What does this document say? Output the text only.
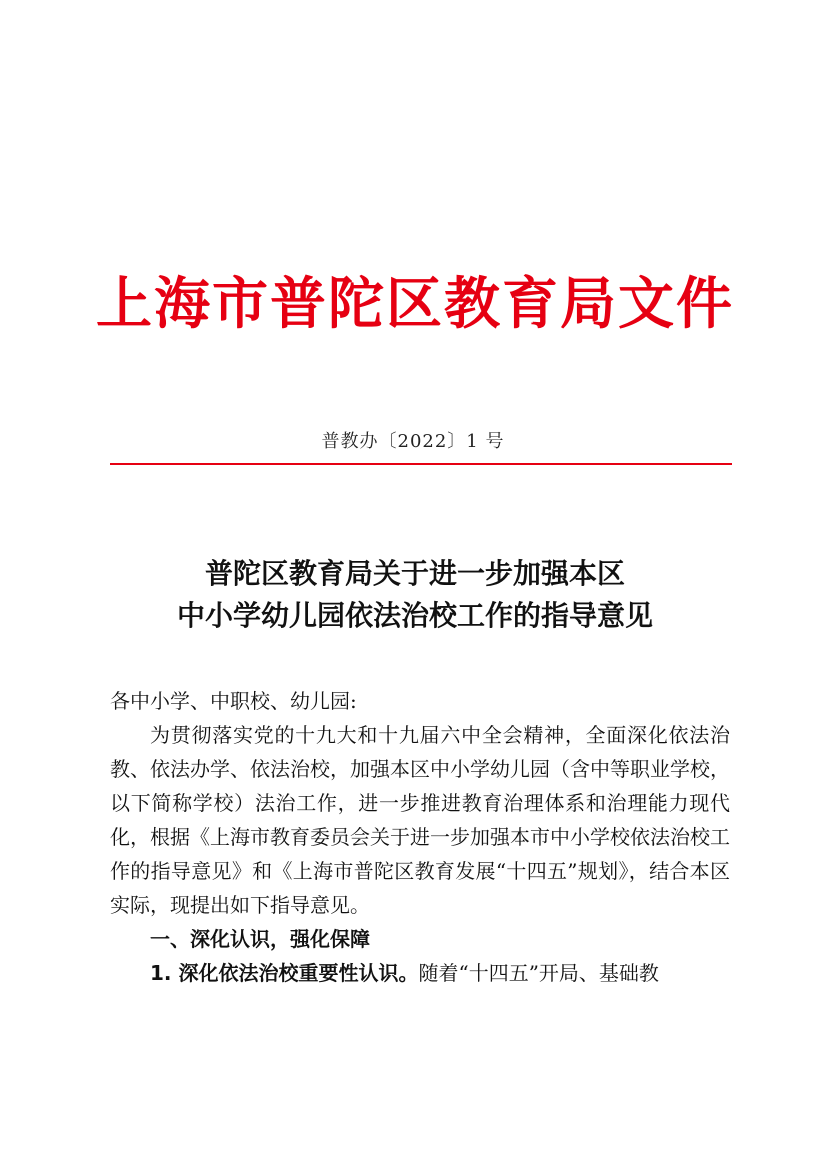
上海市普陀区教育局文件
普教办〔2022〕1 号
普陀区教育局关于进一步加强本区
中小学幼儿园依法治校工作的指导意见

各中小学、中职校、幼儿园:

为贯彻落实党的十九大和十九届六中全会精神，全面深化依法治教、依法办学、依法治校，加强本区中小学幼儿园（含中等职业学校，以下简称学校）法治工作，进一步推进教育治理体系和治理能力现代化，根据《上海市教育委员会关于进一步加强本市中小学校依法治校工作的指导意见》和《上海市普陀区教育发展“十四五”规划》，结合本区实际，现提出如下指导意见。

一、深化认识，强化保障

1. 深化依法治校重要性认识。随着“十四五”开局、基础教
